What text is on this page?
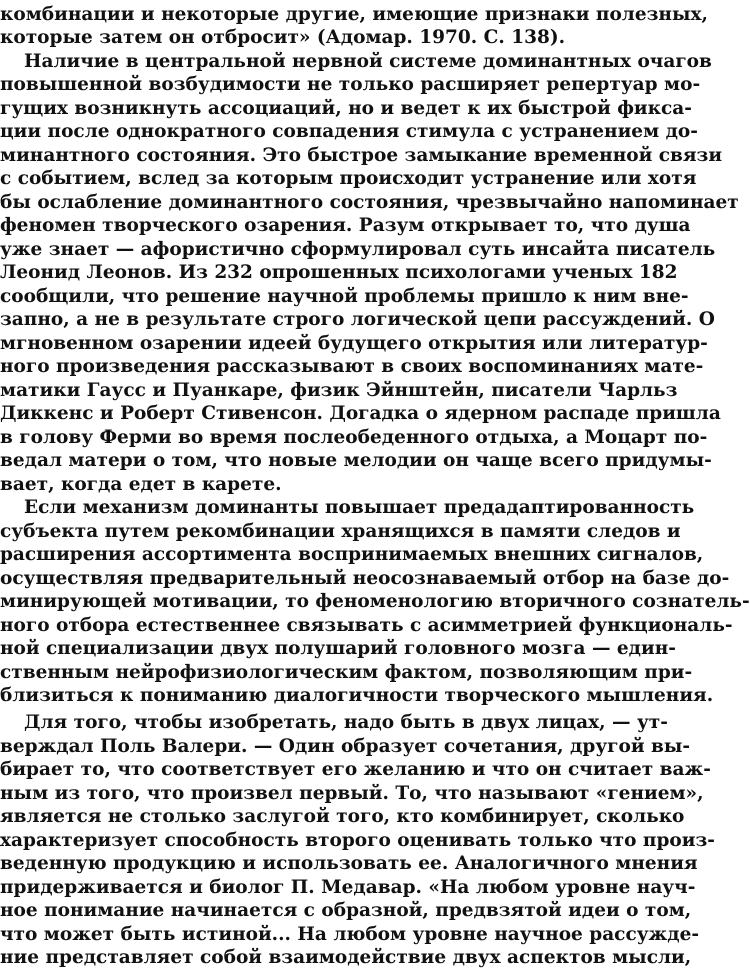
комбинации и некоторые другие, имеющие признаки полезных,
которые затем он отбросит» (Адомар. 1970. С. 138).
Наличие в центральной нервной системе доминантных очагов
повышенной возбудимости не только расширяет репертуар мо-
гущих возникнуть ассоциаций, но и ведет к их быстрой фикса-
ции после однократного совпадения стимула с устранением до-
минантного состояния. Это быстрое замыкание временной связи
с событием, вслед за которым происходит устранение или хотя
бы ослабление доминантного состояния, чрезвычайно напоминает
феномен творческого озарения. Разум открывает то, что душа
уже знает — афористично сформулировал суть инсайта писатель
Леонид Леонов. Из 232 опрошенных психологами ученых 182
сообщили, что решение научной проблемы пришло к ним вне-
запно, а не в результате строго логической цепи рассуждений. О
мгновенном озарении идеей будущего открытия или литератур-
ного произведения рассказывают в своих воспоминаниях мате-
матики Гаусс и Пуанкаре, физик Эйнштейн, писатели Чарльз
Диккенс и Роберт Стивенсон. Догадка о ядерном распаде пришла
в голову Ферми во время послеобеденного отдыха, а Моцарт по-
ведал матери о том, что новые мелодии он чаще всего придумы-
вает, когда едет в карете.
Если механизм доминанты повышает предадаптированность
субъекта путем рекомбинации хранящихся в памяти следов и
расширения ассортимента воспринимаемых внешних сигналов,
осуществляя предварительный неосознаваемый отбор на базе до-
минирующей мотивации, то феноменологию вторичного сознатель-
ного отбора естественнее связывать с асимметрией функциональ-
ной специализации двух полушарий головного мозга — един-
ственным нейрофизиологическим фактом, позволяющим при-
близиться к пониманию диалогичности творческого мышления.
Для того, чтобы изобретать, надо быть в двух лицах, — ут-
верждал Поль Валери. — Один образует сочетания, другой вы-
бирает то, что соответствует его желанию и что он считает важ-
ным из того, что произвел первый. То, что называют «гением»,
является не столько заслугой того, кто комбинирует, сколько
характеризует способность второго оценивать только что произ-
веденную продукцию и использовать ее. Аналогичного мнения
придерживается и биолог П. Медавар. «На любом уровне науч-
ное понимание начинается с образной, предвзятой идеи о том,
что может быть истиной... На любом уровне научное рассужде-
ние представляет собой взаимодействие двух аспектов мысли,
